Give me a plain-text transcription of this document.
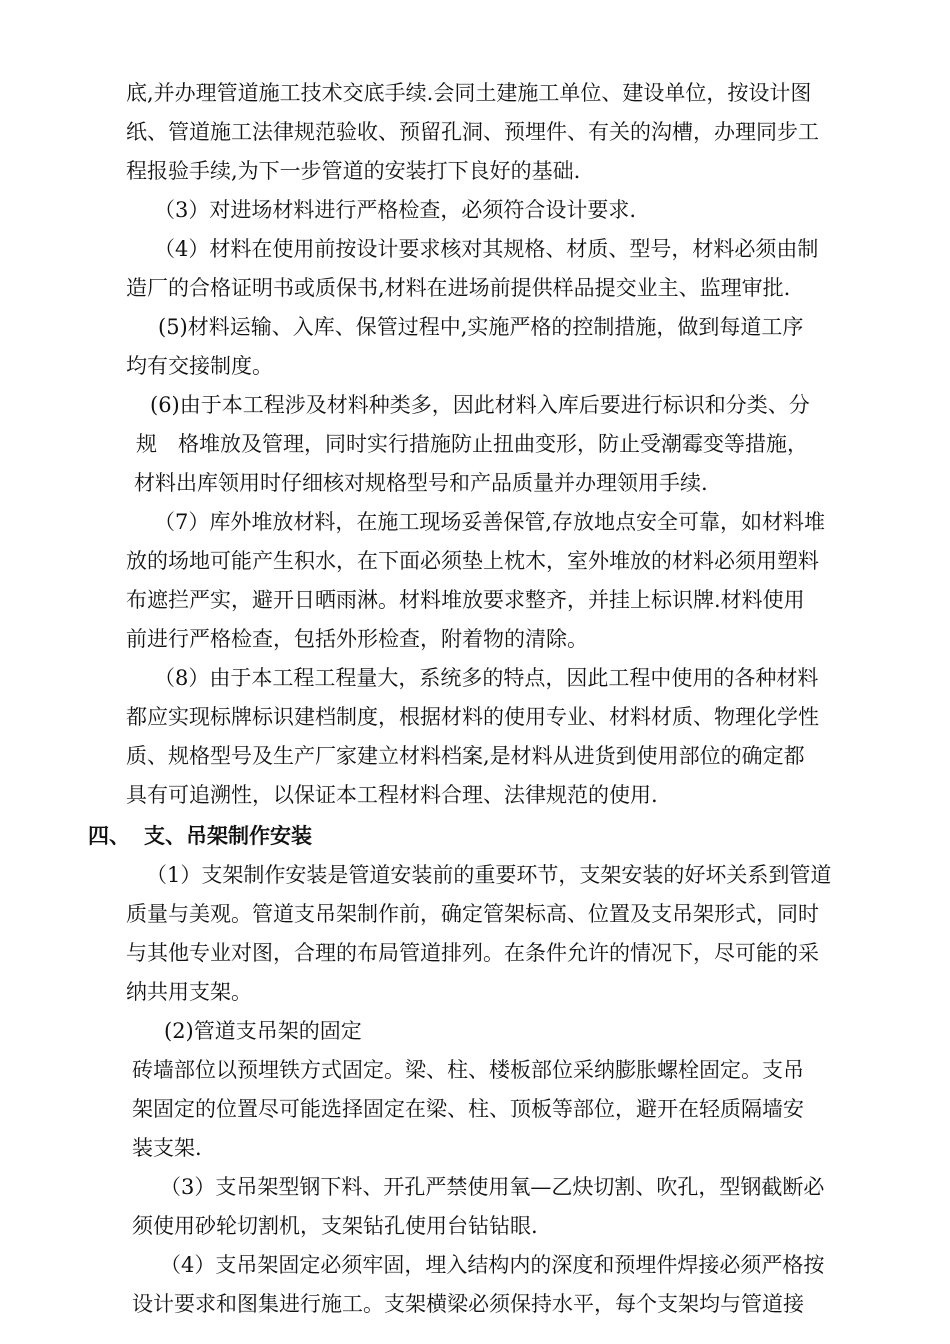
底,并办理管道施工技术交底手续.会同土建施工单位、建设单位，按设计图
纸、管道施工法律规范验收、预留孔洞、预埋件、有关的沟槽，办理同步工
程报验手续,为下一步管道的安装打下良好的基础.
（3）对进场材料进行严格检查，必须符合设计要求.
（4）材料在使用前按设计要求核对其规格、材质、型号，材料必须由制
造厂的合格证明书或质保书,材料在进场前提供样品提交业主、监理审批.
(5)材料运输、入库、保管过程中,实施严格的控制措施，做到每道工序
均有交接制度。
(6)由于本工程涉及材料种类多，因此材料入库后要进行标识和分类、分
规 格堆放及管理，同时实行措施防止扭曲变形，防止受潮霉变等措施，
材料出库领用时仔细核对规格型号和产品质量并办理领用手续.
（7）库外堆放材料，在施工现场妥善保管,存放地点安全可靠，如材料堆
放的场地可能产生积水，在下面必须垫上枕木，室外堆放的材料必须用塑料
布遮拦严实，避开日晒雨淋。材料堆放要求整齐，并挂上标识牌.材料使用
前进行严格检查，包括外形检查，附着物的清除。
（8）由于本工程工程量大，系统多的特点，因此工程中使用的各种材料
都应实现标牌标识建档制度，根据材料的使用专业、材料材质、物理化学性
质、规格型号及生产厂家建立材料档案,是材料从进货到使用部位的确定都
具有可追溯性，以保证本工程材料合理、法律规范的使用.
四、 支、吊架制作安装
（1）支架制作安装是管道安装前的重要环节，支架安装的好坏关系到管道
质量与美观。管道支吊架制作前，确定管架标高、位置及支吊架形式，同时
与其他专业对图，合理的布局管道排列。在条件允许的情况下，尽可能的采
纳共用支架。
(2)管道支吊架的固定
砖墙部位以预埋铁方式固定。梁、柱、楼板部位采纳膨胀螺栓固定。支吊
架固定的位置尽可能选择固定在梁、柱、顶板等部位，避开在轻质隔墙安
装支架.
（3）支吊架型钢下料、开孔严禁使用氧—乙炔切割、吹孔，型钢截断必
须使用砂轮切割机，支架钻孔使用台钻钻眼.
（4）支吊架固定必须牢固，埋入结构内的深度和预埋件焊接必须严格按
设计要求和图集进行施工。支架横梁必须保持水平，每个支架均与管道接
